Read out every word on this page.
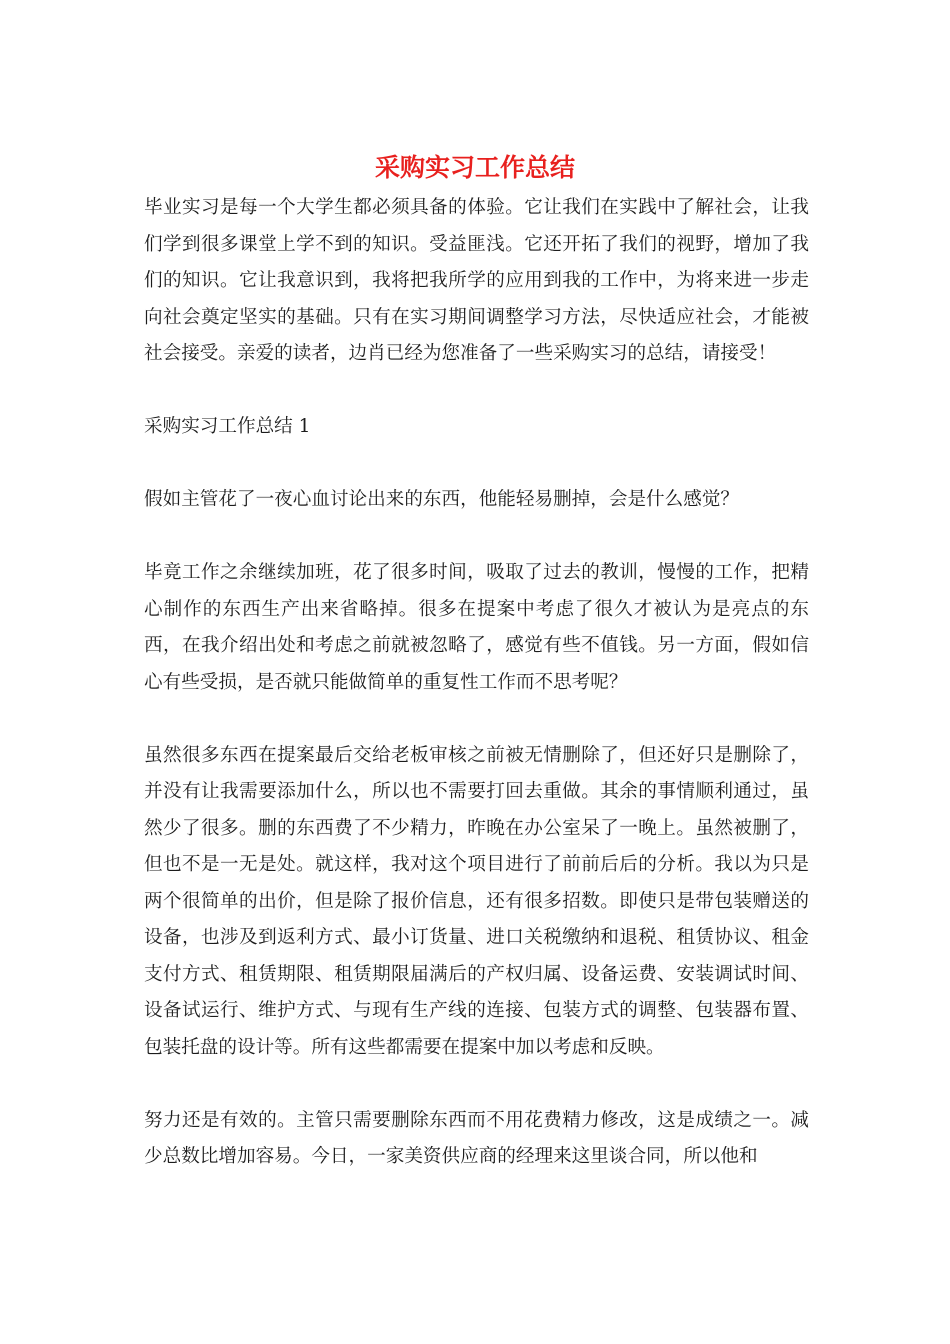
采购实习工作总结

毕业实习是每一个大学生都必须具备的体验。它让我们在实践中了解社会，让我们学到很多课堂上学不到的知识。受益匪浅。它还开拓了我们的视野，增加了我们的知识。它让我意识到，我将把我所学的应用到我的工作中，为将来进一步走向社会奠定坚实的基础。只有在实习期间调整学习方法，尽快适应社会，才能被社会接受。亲爱的读者，边肖已经为您准备了一些采购实习的总结，请接受！

采购实习工作总结 1

假如主管花了一夜心血讨论出来的东西，他能轻易删掉，会是什么感觉？

毕竟工作之余继续加班，花了很多时间，吸取了过去的教训，慢慢的工作，把精心制作的东西生产出来省略掉。很多在提案中考虑了很久才被认为是亮点的东西，在我介绍出处和考虑之前就被忽略了，感觉有些不值钱。另一方面，假如信心有些受损，是否就只能做简单的重复性工作而不思考呢？

虽然很多东西在提案最后交给老板审核之前被无情删除了，但还好只是删除了，并没有让我需要添加什么，所以也不需要打回去重做。其余的事情顺利通过，虽然少了很多。删的东西费了不少精力，昨晚在办公室呆了一晚上。虽然被删了，但也不是一无是处。就这样，我对这个项目进行了前前后后的分析。我以为只是两个很简单的出价，但是除了报价信息，还有很多招数。即使只是带包装赠送的设备，也涉及到返利方式、最小订货量、进口关税缴纳和退税、租赁协议、租金支付方式、租赁期限、租赁期限届满后的产权归属、设备运费、安装调试时间、设备试运行、维护方式、与现有生产线的连接、包装方式的调整、包装器布置、包装托盘的设计等。所有这些都需要在提案中加以考虑和反映。

努力还是有效的。主管只需要删除东西而不用花费精力修改，这是成绩之一。减少总数比增加容易。今日，一家美资供应商的经理来这里谈合同，所以他和
